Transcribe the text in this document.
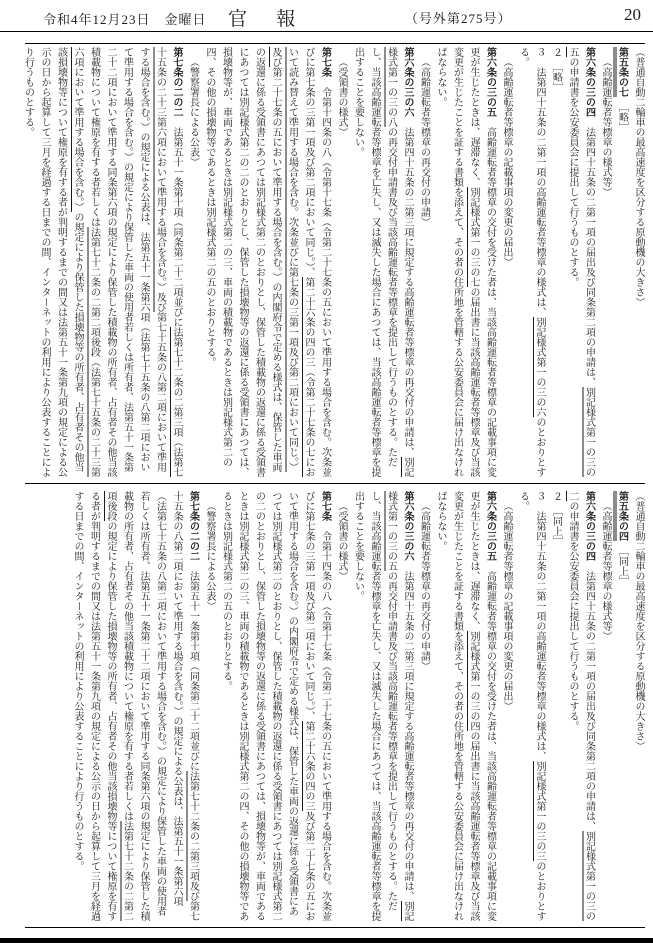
令和4年12月23日　金曜日 官報	（号外第275号）	20
（普通自動二輪車の最高速度を区分する原動機の大きさ）
第五条の七　［略］
（高齢運転者等標章の様式等）
第六条の三の四　法第四十五条の二第一項の届出及び同条第二項の申請は、別記様式第一の三の五の申請書を公安委員会に提出して行うものとする。
２　［略］
３　法第四十五条の二第一項の高齢運転者等標章の様式は、別記様式第一の三の六のとおりとする。
（高齢運転者等標章の記載事項の変更の届出）
第六条の三の五　高齢運転者等標章の交付を受けた者は、当該高齢運転者等標章の記載事項に変更が生じたときは、遅滞なく、別記様式第一の三の七の届出書に当該高齢運転者等標章及び当該変更が生じたことを証する書類を添えて、その者の住所地を管轄する公安委員会に届け出なければならない。
（高齢運転者等標章の再交付の申請）
第六条の三の六　法第四十五条の二第三項に規定する高齢運転者等標章の再交付の申請は、別記様式第一の三の八の再交付申請書及び当該高齢運転者等標章を提出して行うものとする。ただし、当該高齢運転者等標章を亡失し、又は滅失した場合にあつては、当該高齢運転者等標章を提出することを要しない。
（受領書の様式）
第七条　令第十四条の八（令第十七条（令第二十七条の五において準用する場合を含む。次条並びに第七条の三第一項及び第二項において同じ。）、第二十六条の四の三（令第二十七条の七において読み替えて準用する場合を含む。次条並びに第七条の三第一項及び第二項において同じ。）及び第二十七条の五において準用する場合を含む。）の内閣府令で定める様式は、保管した車両の返還に係る受領書にあつては別記様式第二のとおりとし、保管した積載物の返還に係る受領書にあつては別記様式第二の二のとおりとし、保管した損壊物等の返還に係る受領書にあつては、損壊物等が、車両であるときは別記様式第二の三、車両の積載物であるときは別記様式第二の四、その他の損壊物等であるときは別記様式第二の五のとおりとする。
（警察署長による公表）
第七条の二の二　法第五十一条第十項（同条第二十二項並びに法第七十二条の二第三項（法第七十五条の二十三第六項において準用する場合を含む。）及び第七十五条の八第二項において準用する場合を含む。）の規定による公表は、法第五十一条第六項（法第七十五条の八第二項において準用する場合を含む。）の規定により保管した車両の使用者若しくは所有者、法第五十一条第二十二項において準用する同条第六項の規定により保管した積載物の所有者、占有者その他当該積載物について権原を有する者若しくは法第七十二条の二第二項後段（法第七十五条の二十三第六項において準用する場合を含む。）の規定により保管した損壊物等の所有者、占有者その他当該損壊物等について権原を有する者が判明するまでの間又は法第五十一条第九項の規定による公示の日から起算して三月を経過する日までの間、インターネットの利用により公表することにより行うものとする。
（普通自動二輪車の最高速度を区分する原動機の大きさ）
第五条の四　［同上］
（高齢運転者等標章の様式等）
第六条の三の四　法第四十五条の二第一項の届出及び同条第二項の申請は、別記様式第一の三の二の申請書を公安委員会に提出して行うものとする。
２　［同上］
３　法第四十五条の二第一項の高齢運転者等標章の様式は、別記様式第一の三の三のとおりとする。
（高齢運転者等標章の記載事項の変更の届出）
第六条の三の五　高齢運転者等標章の交付を受けた者は、当該高齢運転者等標章の記載事項に変更が生じたときは、遅滞なく、別記様式第一の三の四の届出書に当該高齢運転者等標章及び当該変更が生じたことを証する書類を添えて、その者の住所地を管轄する公安委員会に届け出なければならない。
（高齢運転者等標章の再交付の申請）
第六条の三の六　法第四十五条の二第三項に規定する高齢運転者等標章の再交付の申請は、別記様式第一の三の五の再交付申請書及び当該高齢運転者等標章を提出して行うものとする。ただし、当該高齢運転者等標章を亡失し、又は滅失した場合にあつては、当該高齢運転者等標章を提出することを要しない。
（受領書の様式）
第七条　令第十四条の八（令第十七条（令第二十七条の五において準用する場合を含む。次条並びに第七条の三第一項及び第二項において同じ。）、第二十六条の四の三及び第二十七条の五において準用する場合を含む。）の内閣府令で定める様式は、保管した車両の返還に係る受領書にあつては別記様式第二のとおりとし、保管した積載物の返還に係る受領書にあつては別記様式第二の二のとおりとし、保管した損壊物等の返還に係る受領書にあつては、損壊物等が、車両であるときは別記様式第二の三、車両の積載物であるときは別記様式第二の四、その他の損壊物等であるときは別記様式第二の五のとおりとする。
（警察署長による公表）
第七条の二の二　法第五十一条第十項（同条第二十二項並びに法第七十二条の二第三項及び第七十五条の八第二項において準用する場合を含む。）の規定による公表は、法第五十一条第六項（法第七十五条の八第二項において準用する場合を含む。）の規定により保管した車両の使用者若しくは所有者、法第五十一条第二十二項において準用する同条第六項の規定により保管した積載物の所有者、占有者その他当該積載物について権原を有する者若しくは法第七十二条の二第二項後段の規定により保管した損壊物等の所有者、占有者その他当該損壊物等について権原を有する者が判明するまでの間又は法第五十一条第九項の規定による公示の日から起算して三月を経過する日までの間、インターネットの利用により公表することにより行うものとする。
